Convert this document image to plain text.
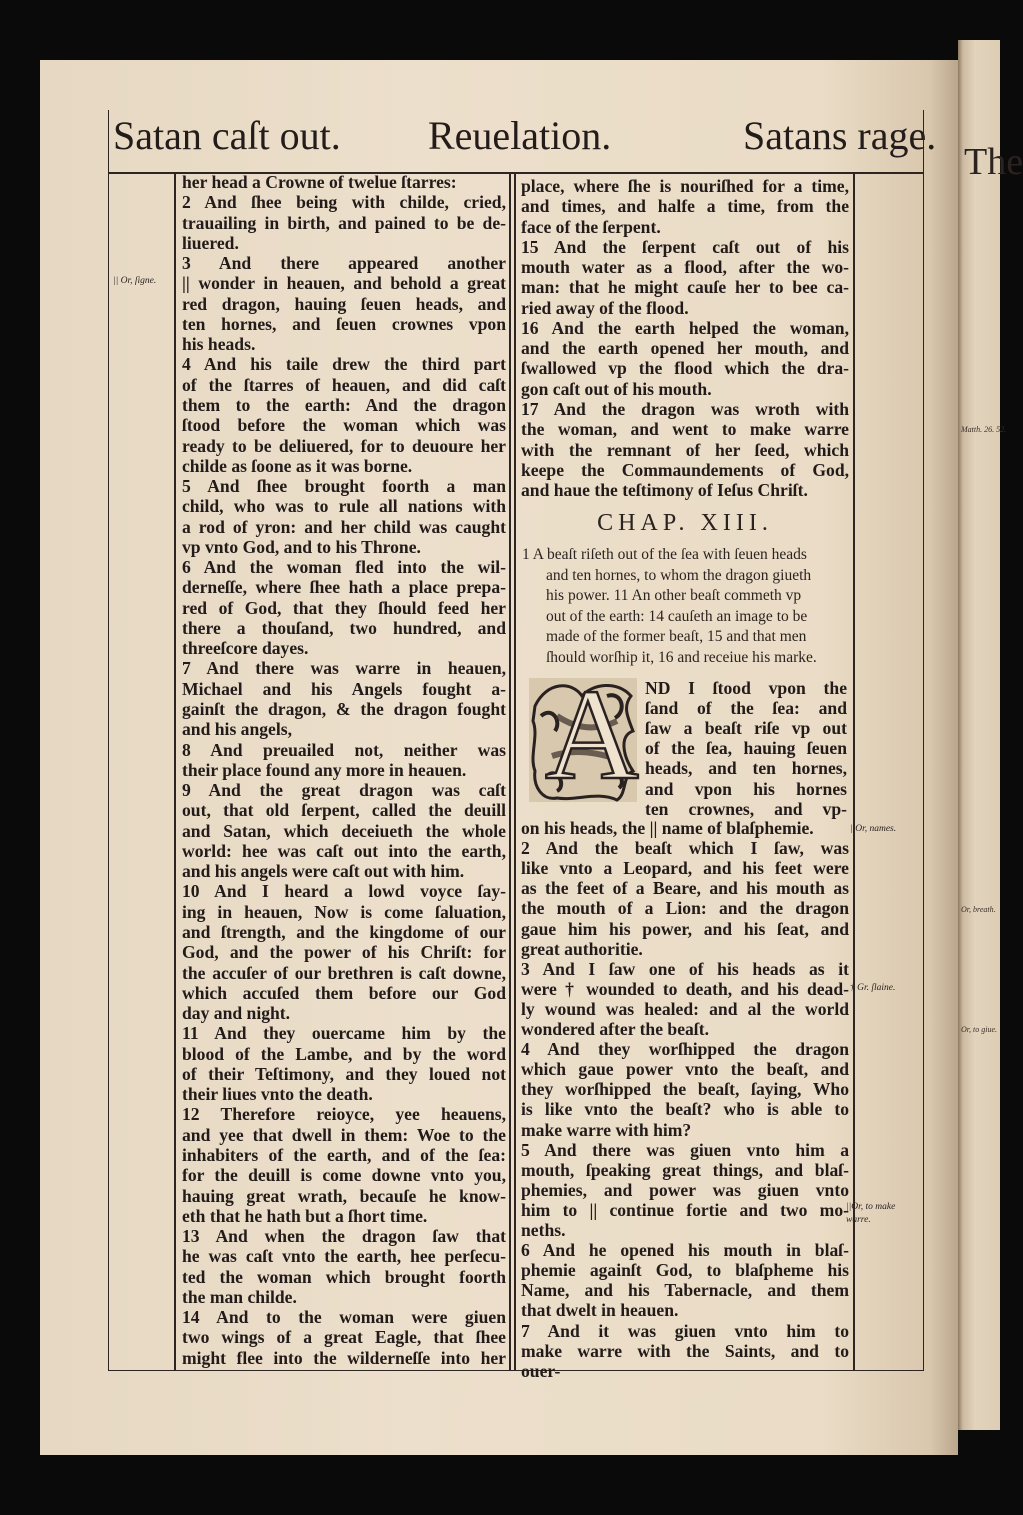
The
Matth. 26. 52.
Or, breath.
Or, to giue.
Satan caſt out. Reuelation.	Satans rage.
|| Or, ſigne.
||Or, names.
† Gr. ſlaine.
||Or, to make
warre.
her head a Crowne of twelue ſtarres:
2 And ſhee being with childe, cried,
trauailing in birth, and pained to be de-
liuered.
3 And there appeared another
|| wonder in heauen, and behold a great
red dragon, hauing ſeuen heads, and
ten hornes, and ſeuen crownes vpon
his heads.
4 And his taile drew the third part
of the ſtarres of heauen, and did caſt
them to the earth: And the dragon
ſtood before the woman which was
ready to be deliuered, for to deuoure her
childe as ſoone as it was borne.
5 And ſhee brought foorth a man
child, who was to rule all nations with
a rod of yron: and her child was caught
vp vnto God, and to his Throne.
6 And the woman fled into the wil-
derneſſe, where ſhee hath a place prepa-
red of God, that they ſhould feed her
there a thouſand, two hundred, and
threeſcore dayes.
7 And there was warre in heauen,
Michael and his Angels fought a-
gainſt the dragon, & the dragon fought
and his angels,
8 And preuailed not, neither was
their place found any more in heauen.
9 And the great dragon was caſt
out, that old ſerpent, called the deuill
and Satan, which deceiueth the whole
world: hee was caſt out into the earth,
and his angels were caſt out with him.
10 And I heard a lowd voyce ſay-
ing in heauen, Now is come ſaluation,
and ſtrength, and the kingdome of our
God, and the power of his Chriſt: for
the accuſer of our brethren is caſt downe,
which accuſed them before our God
day and night.
11 And they ouercame him by the
blood of the Lambe, and by the word
of their Teſtimony, and they loued not
their liues vnto the death.
12 Therefore reioyce, yee heauens,
and yee that dwell in them: Woe to the
inhabiters of the earth, and of the ſea:
for the deuill is come downe vnto you,
hauing great wrath, becauſe he know-
eth that he hath but a ſhort time.
13 And when the dragon ſaw that
he was caſt vnto the earth, hee perſecu-
ted the woman which brought foorth
the man childe.
14 And to the woman were giuen
two wings of a great Eagle, that ſhee
might flee into the wilderneſſe into her
place, where ſhe is nouriſhed for a time,
and times, and halfe a time, from the
face of the ſerpent.
15 And the ſerpent caſt out of his
mouth water as a flood, after the wo-
man: that he might cauſe her to bee ca-
ried away of the flood.
16 And the earth helped the woman,
and the earth opened her mouth, and
ſwallowed vp the flood which the dra-
gon caſt out of his mouth.
17 And the dragon was wroth with
the woman, and went to make warre
with the remnant of her ſeed, which
keepe the Commaundements of God,
and haue the teſtimony of Ieſus Chriſt.
CHAP. XIII.
1 A beaſt riſeth out of the ſea with ſeuen heads
and ten hornes, to whom the dragon giueth
his power. 11 An other beaſt commeth vp
out of the earth: 14 cauſeth an image to be
made of the former beaſt, 15 and that men
ſhould worſhip it, 16 and receiue his marke.
A ND I ſtood vpon the
ſand of the ſea: and
ſaw a beaſt riſe vp out
of the ſea, hauing ſeuen
heads, and ten hornes,
and vpon his hornes
ten crownes, and vp-
on his heads, the || name of blaſphemie.
2 And the beaſt which I ſaw, was
like vnto a Leopard, and his feet were
as the feet of a Beare, and his mouth as
the mouth of a Lion: and the dragon
gaue him his power, and his ſeat, and
great authoritie.
3 And I ſaw one of his heads as it
were † wounded to death, and his dead-
ly wound was healed: and al the world
wondered after the beaſt.
4 And they worſhipped the dragon
which gaue power vnto the beaſt, and
they worſhipped the beaſt, ſaying, Who
is like vnto the beaſt? who is able to
make warre with him?
5 And there was giuen vnto him a
mouth, ſpeaking great things, and blaſ-
phemies, and power was giuen vnto
him to || continue fortie and two mo-
neths.
6 And he opened his mouth in blaſ-
phemie againſt God, to blaſpheme his
Name, and his Tabernacle, and them
that dwelt in heauen.
7 And it was giuen vnto him to
make warre with the Saints, and to
ouer-
